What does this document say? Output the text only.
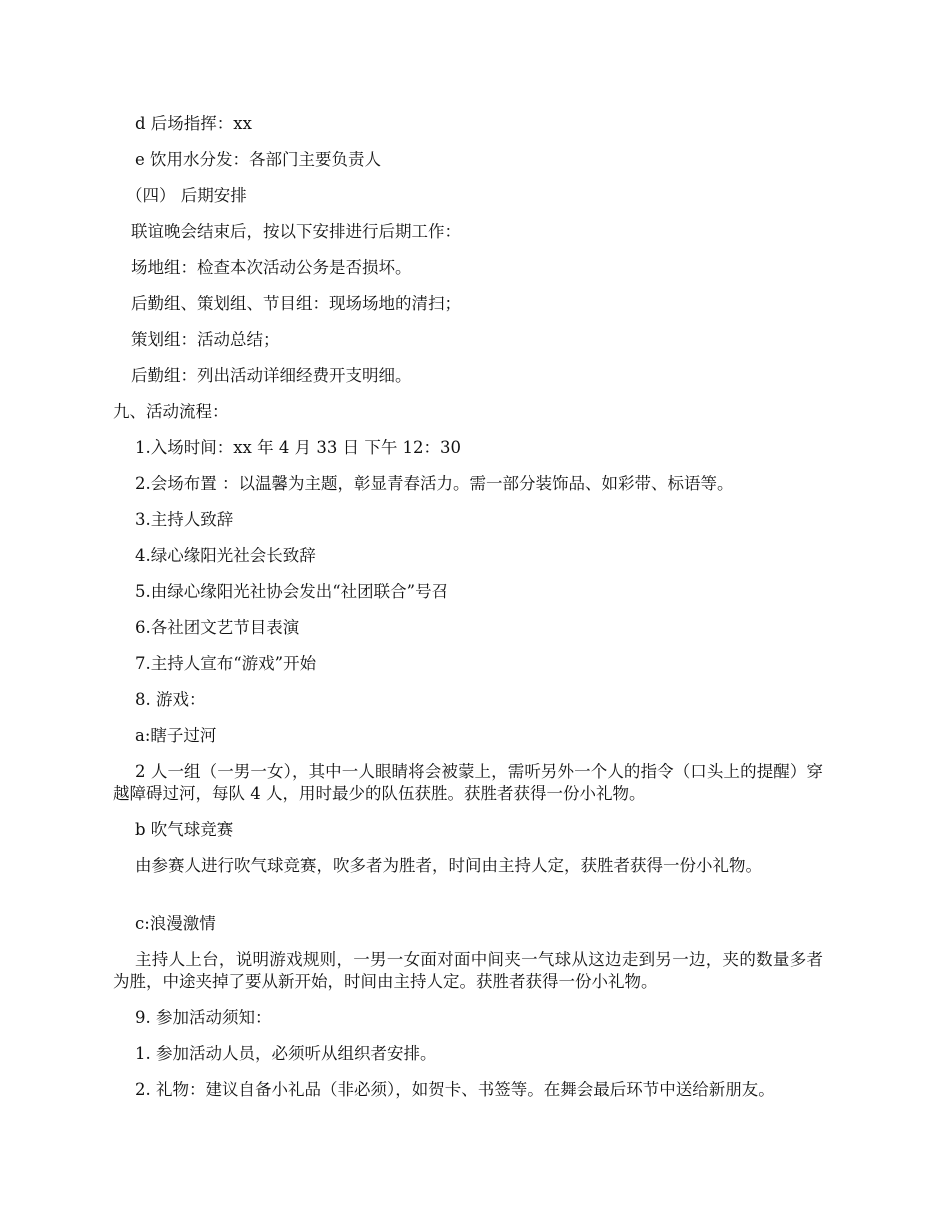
d 后场指挥：xx

e 饮用水分发：各部门主要负责人

（四） 后期安排

联谊晚会结束后，按以下安排进行后期工作：

场地组：检查本次活动公务是否损坏。

后勤组、策划组、节目组：现场场地的清扫；

策划组：活动总结；

后勤组：列出活动详细经费开支明细。

九、活动流程：

1.入场时间：xx 年 4 月 33 日 下午 12：30

2.会场布置 ：以温馨为主题，彰显青春活力。需一部分装饰品、如彩带、标语等。

3.主持人致辞

4.绿心缘阳光社会长致辞

5.由绿心缘阳光社协会发出“社团联合”号召

6.各社团文艺节目表演

7.主持人宣布“游戏”开始

8. 游戏：

a:瞎子过河

2 人一组（一男一女），其中一人眼睛将会被蒙上，需听另外一个人的指令（口头上的提醒）穿越障碍过河，每队 4 人，用时最少的队伍获胜。获胜者获得一份小礼物。

b 吹气球竞赛

由参赛人进行吹气球竞赛，吹多者为胜者，时间由主持人定，获胜者获得一份小礼物。

c:浪漫激情

主持人上台，说明游戏规则，一男一女面对面中间夹一气球从这边走到另一边，夹的数量多者为胜，中途夹掉了要从新开始，时间由主持人定。获胜者获得一份小礼物。

9. 参加活动须知：

1. 参加活动人员，必须听从组织者安排。

2. 礼物：建议自备小礼品（非必须），如贺卡、书签等。在舞会最后环节中送给新朋友。
